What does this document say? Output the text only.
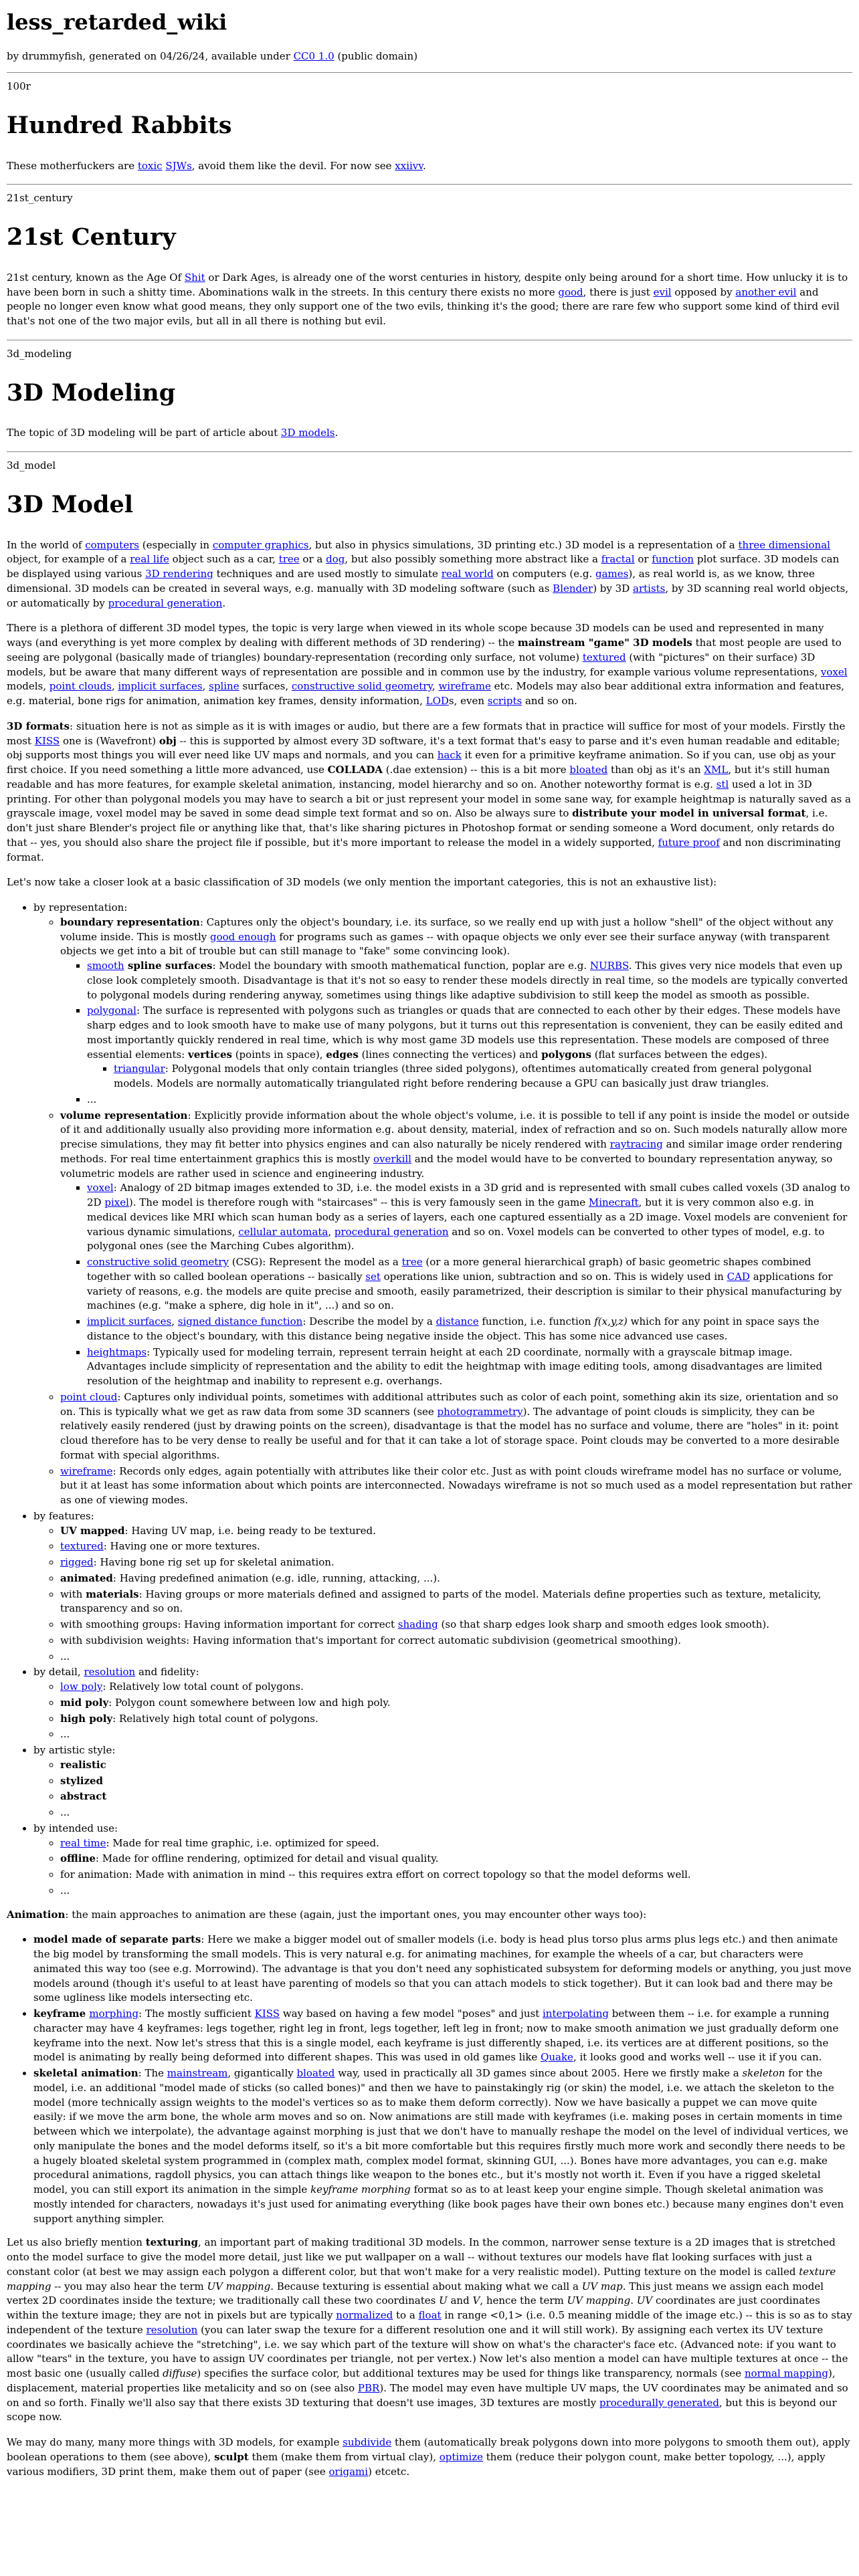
less_retarded_wiki

by drummyfish, generated on 04/26/24, available under CC0 1.0 (public domain)

100r
Hundred Rabbits

These motherfuckers are toxic SJWs, avoid them like the devil. For now see xxiivv.

21st_century
21st Century

21st century, known as the Age Of Shit or Dark Ages, is already one of the worst centuries in history, despite only being around for a short time. How unlucky it is to have been born in such a shitty time. Abominations walk in the streets. In this century there exists no more good, there is just evil opposed by another evil and people no longer even know what good means, they only support one of the two evils, thinking it's the good; there are rare few who support some kind of third evil that's not one of the two major evils, but all in all there is nothing but evil.

3d_modeling
3D Modeling

The topic of 3D modeling will be part of article about 3D models.

3d_model
3D Model

In the world of computers (especially in computer graphics, but also in physics simulations, 3D printing etc.) 3D model is a representation of a three dimensional object, for example of a real life object such as a car, tree or a dog, but also possibly something more abstract like a fractal or function plot surface. 3D models can be displayed using various 3D rendering techniques and are used mostly to simulate real world on computers (e.g. games), as real world is, as we know, three dimensional. 3D models can be created in several ways, e.g. manually with 3D modeling software (such as Blender) by 3D artists, by 3D scanning real world objects, or automatically by procedural generation.

There is a plethora of different 3D model types, the topic is very large when viewed in its whole scope because 3D models can be used and represented in many ways (and everything is yet more complex by dealing with different methods of 3D rendering) -- the mainstream "game" 3D models that most people are used to seeing are polygonal (basically made of triangles) boundary-representation (recording only surface, not volume) textured (with "pictures" on their surface) 3D models, but be aware that many different ways of representation are possible and in common use by the industry, for example various volume representations, voxel models, point clouds, implicit surfaces, spline surfaces, constructive solid geometry, wireframe etc. Models may also bear additional extra information and features, e.g. material, bone rigs for animation, animation key frames, density information, LODs, even scripts and so on.

3D formats: situation here is not as simple as it is with images or audio, but there are a few formats that in practice will suffice for most of your models. Firstly the most KISS one is (Wavefront) obj -- this is supported by almost every 3D software, it's a text format that's easy to parse and it's even human readable and editable; obj supports most things you will ever need like UV maps and normals, and you can hack it even for a primitive keyframe animation. So if you can, use obj as your first choice. If you need something a little more advanced, use COLLADA (.dae extension) -- this is a bit more bloated than obj as it's an XML, but it's still human readable and has more features, for example skeletal animation, instancing, model hierarchy and so on. Another noteworthy format is e.g. stl used a lot in 3D printing. For other than polygonal models you may have to search a bit or just represent your model in some sane way, for example heightmap is naturally saved as a grayscale image, voxel model may be saved in some dead simple text format and so on. Also be always sure to distribute your model in universal format, i.e. don't just share Blender's project file or anything like that, that's like sharing pictures in Photoshop format or sending someone a Word document, only retards do that -- yes, you should also share the project file if possible, but it's more important to release the model in a widely supported, future proof and non discriminating format.

Let's now take a closer look at a basic classification of 3D models (we only mention the important categories, this is not an exhaustive list):

• by representation:
◦ boundary representation: Captures only the object's boundary, i.e. its surface, so we really end up with just a hollow "shell" of the object without any volume inside. This is mostly good enough for programs such as games -- with opaque objects we only ever see their surface anyway (with transparent objects we get into a bit of trouble but can still manage to "fake" some convincing look).
▪ smooth spline surfaces: Model the boundary with smooth mathematical function, poplar are e.g. NURBS. This gives very nice models that even up close look completely smooth. Disadvantage is that it's not so easy to render these models directly in real time, so the models are typically converted to polygonal models during rendering anyway, sometimes using things like adaptive subdivision to still keep the model as smooth as possible.
▪ polygonal: The surface is represented with polygons such as triangles or quads that are connected to each other by their edges. These models have sharp edges and to look smooth have to make use of many polygons, but it turns out this representation is convenient, they can be easily edited and most importantly quickly rendered in real time, which is why most game 3D models use this representation. These models are composed of three essential elements: vertices (points in space), edges (lines connecting the vertices) and polygons (flat surfaces between the edges).
▪ triangular: Polygonal models that only contain triangles (three sided polygons), oftentimes automatically created from general polygonal models. Models are normally automatically triangulated right before rendering because a GPU can basically just draw triangles.
▪ ...
◦ volume representation: Explicitly provide information about the whole object's volume, i.e. it is possible to tell if any point is inside the model or outside of it and additionally usually also providing more information e.g. about density, material, index of refraction and so on. Such models naturally allow more precise simulations, they may fit better into physics engines and can also naturally be nicely rendered with raytracing and similar image order rendering methods. For real time entertainment graphics this is mostly overkill and the model would have to be converted to boundary representation anyway, so volumetric models are rather used in science and engineering industry.
▪ voxel: Analogy of 2D bitmap images extended to 3D, i.e. the model exists in a 3D grid and is represented with small cubes called voxels (3D analog to 2D pixel). The model is therefore rough with "staircases" -- this is very famously seen in the game Minecraft, but it is very common also e.g. in medical devices like MRI which scan human body as a series of layers, each one captured essentially as a 2D image. Voxel models are convenient for various dynamic simulations, cellular automata, procedural generation and so on. Voxel models can be converted to other types of model, e.g. to polygonal ones (see the Marching Cubes algorithm).
▪ constructive solid geometry (CSG): Represent the model as a tree (or a more general hierarchical graph) of basic geometric shapes combined together with so called boolean operations -- basically set operations like union, subtraction and so on. This is widely used in CAD applications for variety of reasons, e.g. the models are quite precise and smooth, easily parametrized, their description is similar to their physical manufacturing by machines (e.g. "make a sphere, dig hole in it", ...) and so on.
▪ implicit surfaces, signed distance function: Describe the model by a distance function, i.e. function f(x,y,z) which for any point in space says the distance to the object's boundary, with this distance being negative inside the object. This has some nice advanced use cases.
▪ heightmaps: Typically used for modeling terrain, represent terrain height at each 2D coordinate, normally with a grayscale bitmap image. Advantages include simplicity of representation and the ability to edit the heightmap with image editing tools, among disadvantages are limited resolution of the heightmap and inability to represent e.g. overhangs.
◦ point cloud: Captures only individual points, sometimes with additional attributes such as color of each point, something akin its size, orientation and so on. This is typically what we get as raw data from some 3D scanners (see photogrammetry). The advantage of point clouds is simplicity, they can be relatively easily rendered (just by drawing points on the screen), disadvantage is that the model has no surface and volume, there are "holes" in it: point cloud therefore has to be very dense to really be useful and for that it can take a lot of storage space. Point clouds may be converted to a more desirable format with special algorithms.
◦ wireframe: Records only edges, again potentially with attributes like their color etc. Just as with point clouds wireframe model has no surface or volume, but it at least has some information about which points are interconnected. Nowadays wireframe is not so much used as a model representation but rather as one of viewing modes.
• by features:
◦ UV mapped: Having UV map, i.e. being ready to be textured.
◦ textured: Having one or more textures.
◦ rigged: Having bone rig set up for skeletal animation.
◦ animated: Having predefined animation (e.g. idle, running, attacking, ...).
◦ with materials: Having groups or more materials defined and assigned to parts of the model. Materials define properties such as texture, metalicity, transparency and so on.
◦ with smoothing groups: Having information important for correct shading (so that sharp edges look sharp and smooth edges look smooth).
◦ with subdivision weights: Having information that's important for correct automatic subdivision (geometrical smoothing).
◦ ...
• by detail, resolution and fidelity:
◦ low poly: Relatively low total count of polygons.
◦ mid poly: Polygon count somewhere between low and high poly.
◦ high poly: Relatively high total count of polygons.
◦ ...
• by artistic style:
◦ realistic
◦ stylized
◦ abstract
◦ ...
• by intended use:
◦ real time: Made for real time graphic, i.e. optimized for speed.
◦ offline: Made for offline rendering, optimized for detail and visual quality.
◦ for animation: Made with animation in mind -- this requires extra effort on correct topology so that the model deforms well.
◦ ...

Animation: the main approaches to animation are these (again, just the important ones, you may encounter other ways too):

• model made of separate parts: Here we make a bigger model out of smaller models (i.e. body is head plus torso plus arms plus legs etc.) and then animate the big model by transforming the small models. This is very natural e.g. for animating machines, for example the wheels of a car, but characters were animated this way too (see e.g. Morrowind). The advantage is that you don't need any sophisticated subsystem for deforming models or anything, you just move models around (though it's useful to at least have parenting of models so that you can attach models to stick together). But it can look bad and there may be some ugliness like models intersecting etc.
• keyframe morphing: The mostly sufficient KISS way based on having a few model "poses" and just interpolating between them -- i.e. for example a running character may have 4 keyframes: legs together, right leg in front, legs together, left leg in front; now to make smooth animation we just gradually deform one keyframe into the next. Now let's stress that this is a single model, each keyframe is just differently shaped, i.e. its vertices are at different positions, so the model is animating by really being deformed into different shapes. This was used in old games like Quake, it looks good and works well -- use it if you can.
• skeletal animation: The mainstream, gigantically bloated way, used in practically all 3D games since about 2005. Here we firstly make a skeleton for the model, i.e. an additional "model made of sticks (so called bones)" and then we have to painstakingly rig (or skin) the model, i.e. we attach the skeleton to the model (more technically assign weights to the model's vertices so as to make them deform correctly). Now we have basically a puppet we can move quite easily: if we move the arm bone, the whole arm moves and so on. Now animations are still made with keyframes (i.e. making poses in certain moments in time between which we interpolate), the advantage against morphing is just that we don't have to manually reshape the model on the level of individual vertices, we only manipulate the bones and the model deforms itself, so it's a bit more comfortable but this requires firstly much more work and secondly there needs to be a hugely bloated skeletal system programmed in (complex math, complex model format, skinning GUI, ...). Bones have more advantages, you can e.g. make procedural animations, ragdoll physics, you can attach things like weapon to the bones etc., but it's mostly not worth it. Even if you have a rigged skeletal model, you can still export its animation in the simple keyframe morphing format so as to at least keep your engine simple. Though skeletal animation was mostly intended for characters, nowadays it's just used for animating everything (like book pages have their own bones etc.) because many engines don't even support anything simpler.

Let us also briefly mention texturing, an important part of making traditional 3D models. In the common, narrower sense texture is a 2D images that is stretched onto the model surface to give the model more detail, just like we put wallpaper on a wall -- without textures our models have flat looking surfaces with just a constant color (at best we may assign each polygon a different color, but that won't make for a very realistic model). Putting texture on the model is called texture mapping -- you may also hear the term UV mapping. Because texturing is essential about making what we call a UV map. This just means we assign each model vertex 2D coordinates inside the texture; we traditionally call these two coordinates U and V, hence the term UV mapping. UV coordinates are just coordinates within the texture image; they are not in pixels but are typically normalized to a float in range <0,1> (i.e. 0.5 meaning middle of the image etc.) -- this is so as to stay independent of the texture resolution (you can later swap the texure for a different resolution one and it will still work). By assigning each vertex its UV texture coordinates we basically achieve the "stretching", i.e. we say which part of the texture will show on what's the character's face etc. (Advanced note: if you want to allow "tears" in the texture, you have to assign UV coordinates per triangle, not per vertex.) Now let's also mention a model can have multiple textures at once -- the most basic one (usually called diffuse) specifies the surface color, but additional textures may be used for things like transparency, normals (see normal mapping), displacement, material properties like metalicity and so on (see also PBR). The model may even have multiple UV maps, the UV coordinates may be animated and so on and so forth. Finally we'll also say that there exists 3D texturing that doesn't use images, 3D textures are mostly procedurally generated, but this is beyond our scope now.

We may do many, many more things with 3D models, for example subdivide them (automatically break polygons down into more polygons to smooth them out), apply boolean operations to them (see above), sculpt them (make them from virtual clay), optimize them (reduce their polygon count, make better topology, ...), apply various modifiers, 3D print them, make them out of paper (see origami) etcetc.
